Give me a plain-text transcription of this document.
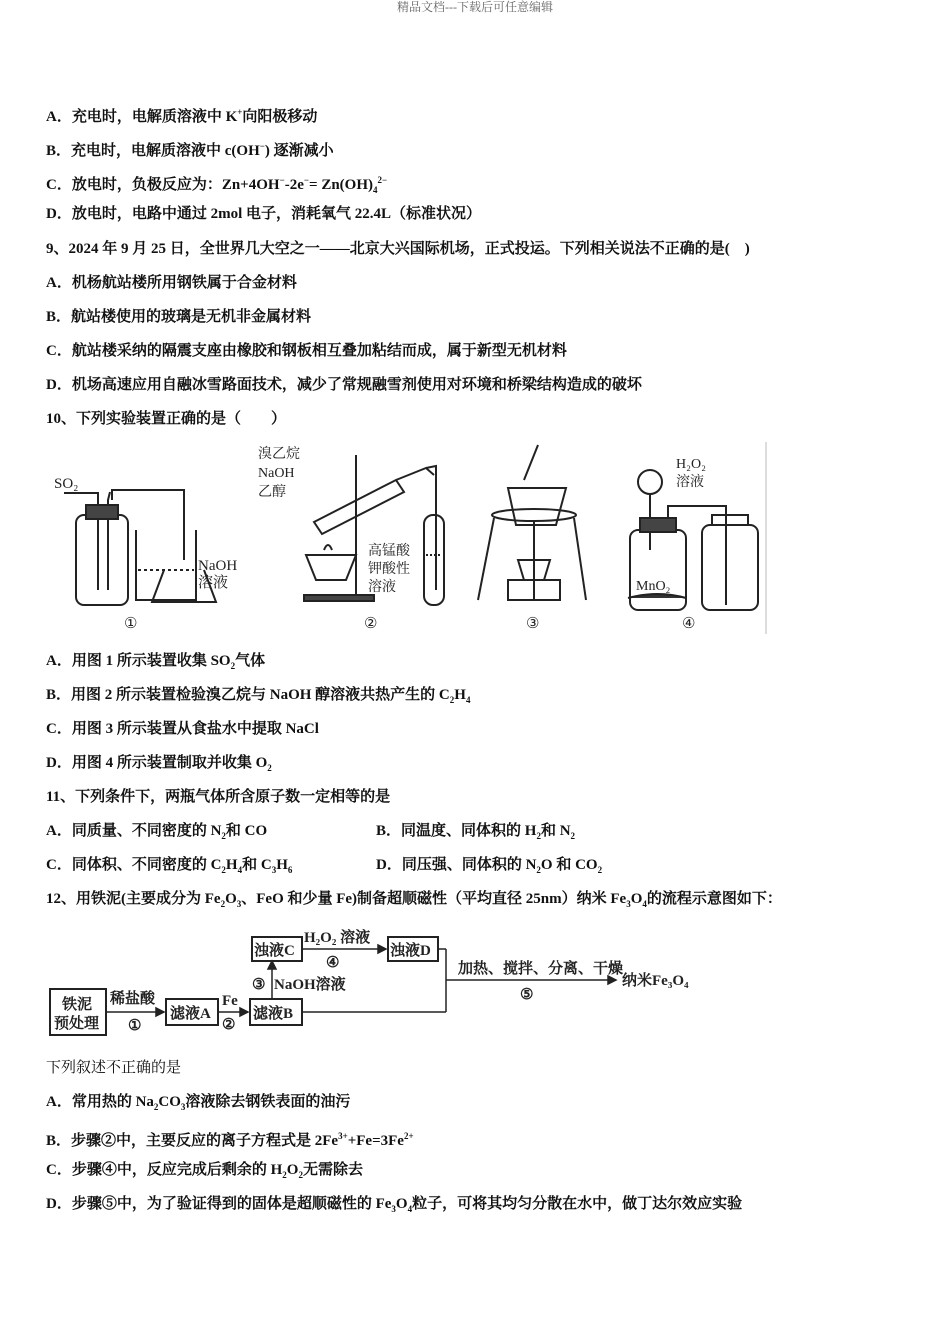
精品文档---下载后可任意编辑
A．充电时，电解质溶液中 K+向阳极移动
B．充电时，电解质溶液中 c(OH−) 逐渐减小
C．放电时，负极反应为：$Zn+4OH^--2e^-= Zn(OH)_4^{2-}$
D．放电时，电路中通过 2mol 电子，消耗氧气 22.4L（标准状况）
9、2024 年 9 月 25 日，全世界几大空之一——北京大兴国际机场，正式投运。下列相关说法不正确的是(　)
A．机杨航站楼所用钢铁属于合金材料
B．航站楼使用的玻璃是无机非金属材料
C．航站楼采纳的隔震支座由橡胶和钢板相互叠加粘结而成，属于新型无机材料
D．机场高速应用自融冰雪路面技术，减少了常规融雪剂使用对环境和桥梁结构造成的破坏
10、下列实验装置正确的是（　　）
SO₂
NaOH
溶液
①
溴乙烷
NaOH
乙醇
高锰酸
钾酸性
溶液
②	③
H₂O₂
溶液
MnO₂
④
A．用图 1 所示装置收集 $SO_2$气体
B．用图 2 所示装置检验溴乙烷与 NaOH 醇溶液共热产生的 $C_2H_4$
C．用图 3 所示装置从食盐水中提取 NaCl
D．用图 4 所示装置制取并收集 $O_2$
11、下列条件下，两瓶气体所含原子数一定相等的是
A．同质量、不同密度的 $N_2$和 CO	B．同温度、同体积的 $H_2$和 $N_2$
C．同体积、不同密度的 $C_2H_4$和 $C_3H_6$	D．同压强、同体积的 $N_2O$ 和 $CO_2$
12、用铁泥(主要成分为 $Fe_2O_3$、FeO 和少量 Fe)制备超顺磁性（平均直径 25nm）纳米 $Fe_3O_4$的流程示意图如下：
铁泥
预处理
稀盐酸
①
滤液A
Fe
②
滤液B
③ NaOH溶液
浊液C
H₂O₂ 溶液
④
浊液D
加热、搅拌、分离、干燥
⑤
纳米Fe₃O₄
下列叙述不正确的是
A．常用热的 $Na_2CO_3$溶液除去钢铁表面的油污
B．步骤②中，主要反应的离子方程式是 $2Fe^{3+}+Fe=3Fe^{2+}$
C．步骤④中，反应完成后剩余的 $H_2O_2$无需除去
D．步骤⑤中，为了验证得到的固体是超顺磁性的 $Fe_3O_4$粒子，可将其均匀分散在水中，做丁达尔效应实验
